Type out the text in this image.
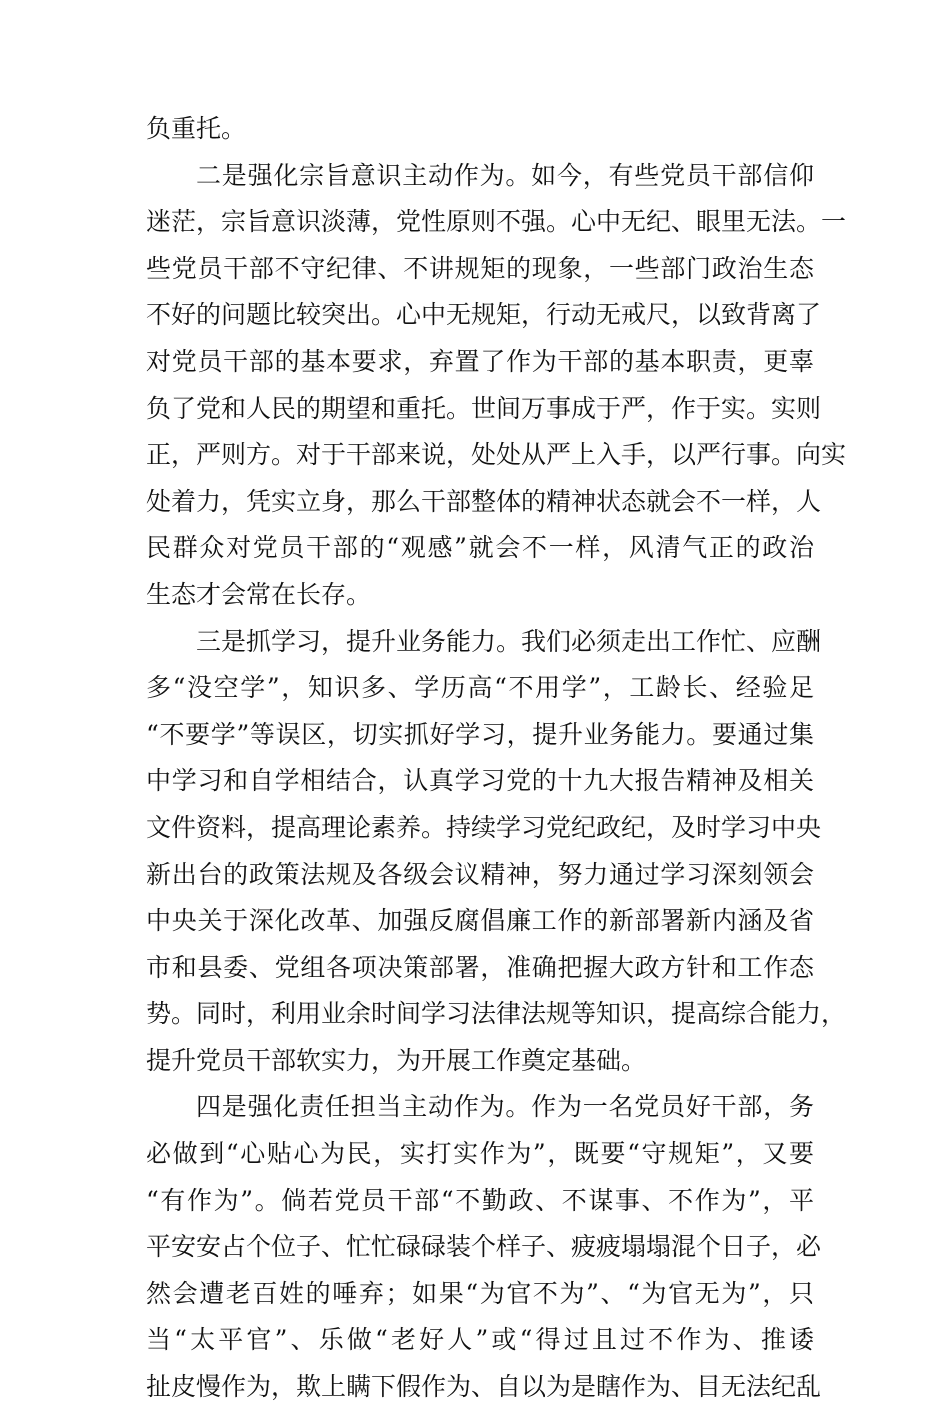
负重托。
二是强化宗旨意识主动作为。如今，有些党员干部信仰
迷茫，宗旨意识淡薄，党性原则不强。心中无纪、眼里无法。一
些党员干部不守纪律、不讲规矩的现象，一些部门政治生态
不好的问题比较突出。心中无规矩，行动无戒尺，以致背离了
对党员干部的基本要求，弃置了作为干部的基本职责，更辜
负了党和人民的期望和重托。世间万事成于严，作于实。实则
正，严则方。对于干部来说，处处从严上入手，以严行事。向实
处着力，凭实立身，那么干部整体的精神状态就会不一样，人
民群众对党员干部的“观感”就会不一样，风清气正的政治
生态才会常在长存。
三是抓学习，提升业务能力。我们必须走出工作忙、应酬
多“没空学”，知识多、学历高“不用学”，工龄长、经验足
“不要学”等误区，切实抓好学习，提升业务能力。要通过集
中学习和自学相结合，认真学习党的十九大报告精神及相关
文件资料，提高理论素养。持续学习党纪政纪，及时学习中央
新出台的政策法规及各级会议精神，努力通过学习深刻领会
中央关于深化改革、加强反腐倡廉工作的新部署新内涵及省
市和县委、党组各项决策部署，准确把握大政方针和工作态
势。同时，利用业余时间学习法律法规等知识，提高综合能力，
提升党员干部软实力，为开展工作奠定基础。
四是强化责任担当主动作为。作为一名党员好干部，务
必做到“心贴心为民，实打实作为”，既要“守规矩”，又要
“有作为”。倘若党员干部“不勤政、不谋事、不作为”，平
平安安占个位子、忙忙碌碌装个样子、疲疲塌塌混个日子，必
然会遭老百姓的唾弃；如果“为官不为”、“为官无为”，只
当“太平官”、乐做“老好人”或“得过且过不作为、推诿
扯皮慢作为，欺上瞒下假作为、自以为是瞎作为、目无法纪乱
